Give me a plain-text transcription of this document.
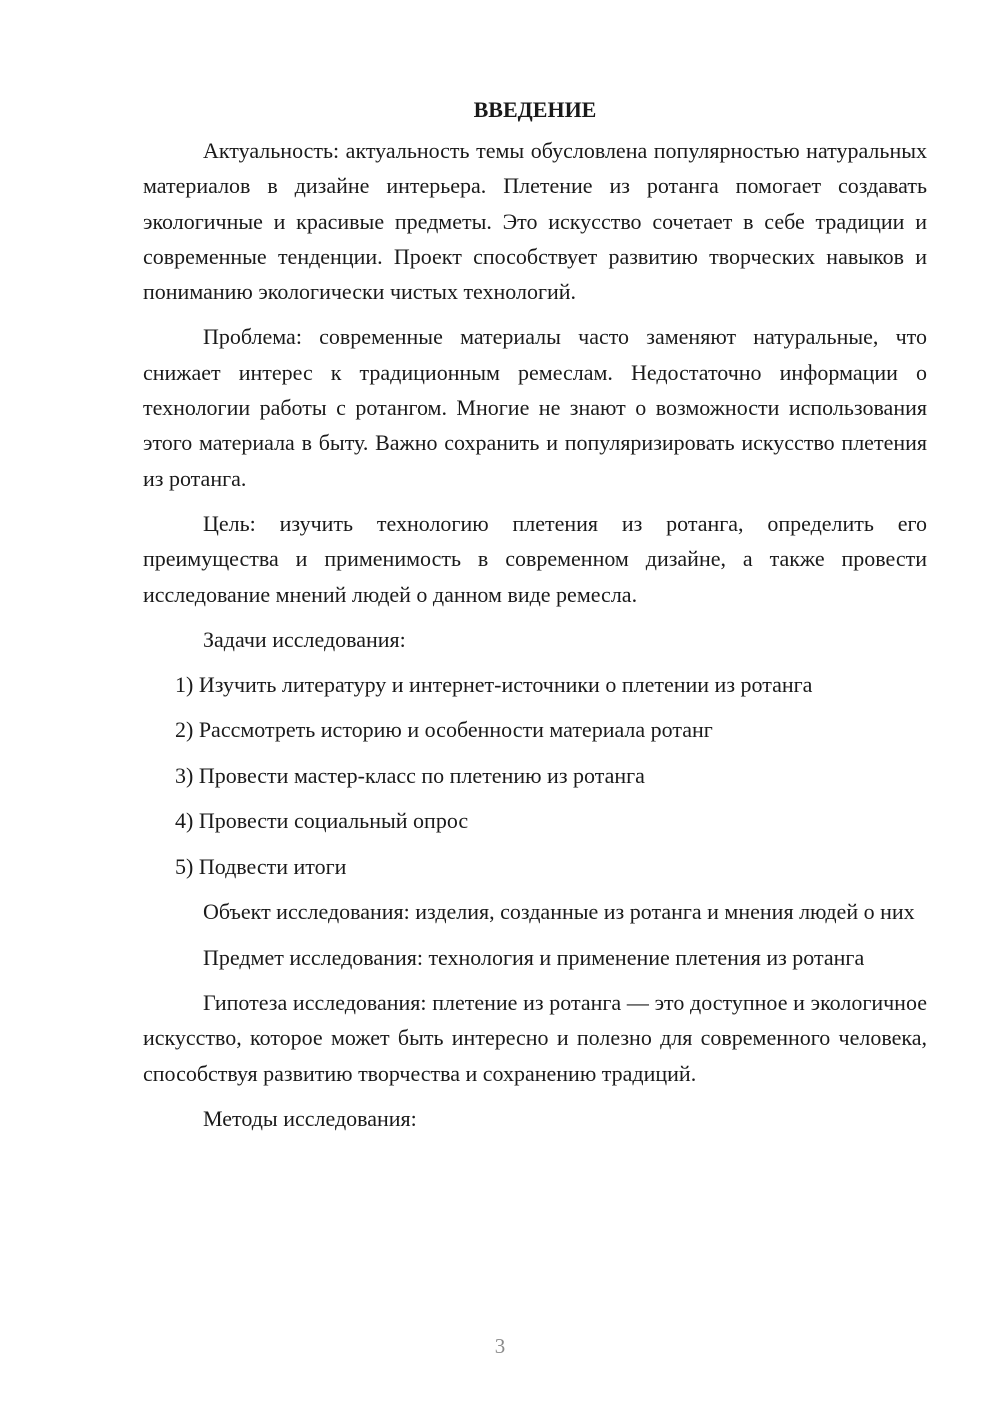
ВВЕДЕНИЕ

Актуальность: актуальность темы обусловлена популярностью натуральных материалов в дизайне интерьера. Плетение из ротанга помогает создавать экологичные и красивые предметы. Это искусство сочетает в себе традиции и современные тенденции. Проект способствует развитию творческих навыков и пониманию экологически чистых технологий.

Проблема: современные материалы часто заменяют натуральные, что снижает интерес к традиционным ремеслам. Недостаточно информации о технологии работы с ротангом. Многие не знают о возможности использования этого материала в быту. Важно сохранить и популяризировать искусство плетения из ротанга.

Цель: изучить технологию плетения из ротанга, определить его преимущества и применимость в современном дизайне, а также провести исследование мнений людей о данном виде ремесла.

Задачи исследования:

1) Изучить литературу и интернет-источники о плетении из ротанга
2) Рассмотреть историю и особенности материала ротанг
3) Провести мастер-класс по плетению из ротанга
4) Провести социальный опрос
5) Подвести итоги

Объект исследования: изделия, созданные из ротанга и мнения людей о них

Предмет исследования: технология и применение плетения из ротанга

Гипотеза исследования: плетение из ротанга — это доступное и экологичное искусство, которое может быть интересно и полезно для современного человека, способствуя развитию творчества и сохранению традиций.

Методы исследования:

3
